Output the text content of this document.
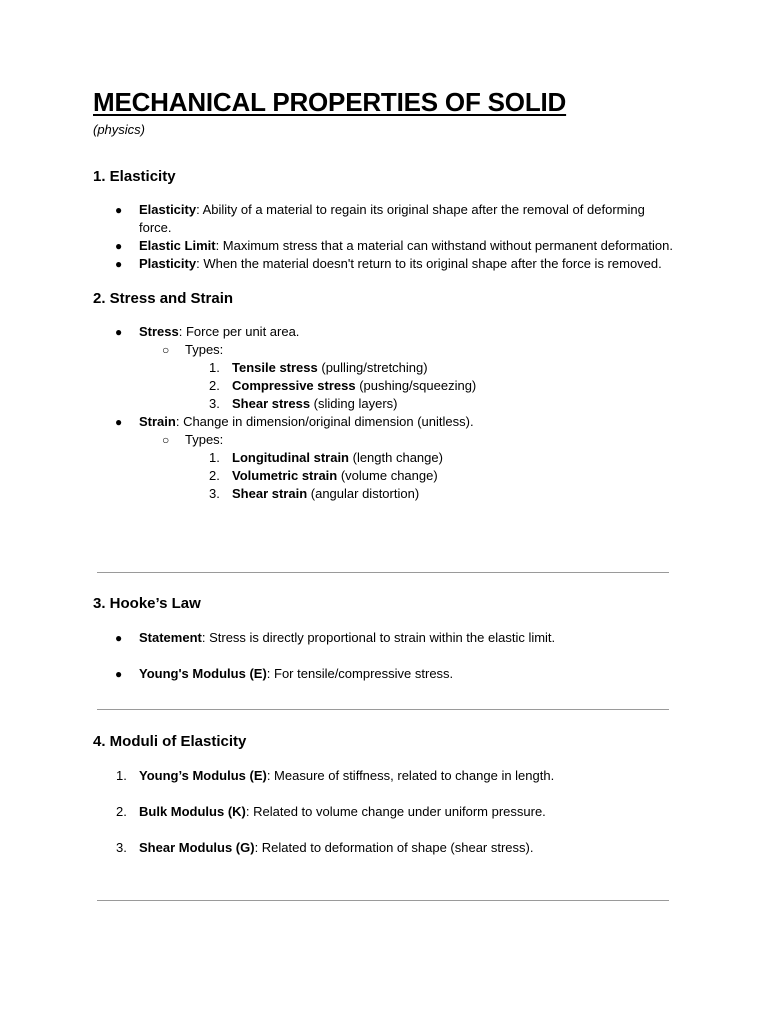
MECHANICAL PROPERTIES OF SOLID
(physics)
1. Elasticity
● Elasticity: Ability of a material to regain its original shape after the removal of deforming force.
● Elastic Limit: Maximum stress that a material can withstand without permanent deformation.
● Plasticity: When the material doesn't return to its original shape after the force is removed.
2. Stress and Strain
● Stress: Force per unit area.
○ Types:
1. Tensile stress (pulling/stretching)
2. Compressive stress (pushing/squeezing)
3. Shear stress (sliding layers)
● Strain: Change in dimension/original dimension (unitless).
○ Types:
1. Longitudinal strain (length change)
2. Volumetric strain (volume change)
3. Shear strain (angular distortion)
3. Hooke’s Law
● Statement: Stress is directly proportional to strain within the elastic limit.
● Young's Modulus (E): For tensile/compressive stress.
4. Moduli of Elasticity
1. Young’s Modulus (E): Measure of stiffness, related to change in length.
2. Bulk Modulus (K): Related to volume change under uniform pressure.
3. Shear Modulus (G): Related to deformation of shape (shear stress).
